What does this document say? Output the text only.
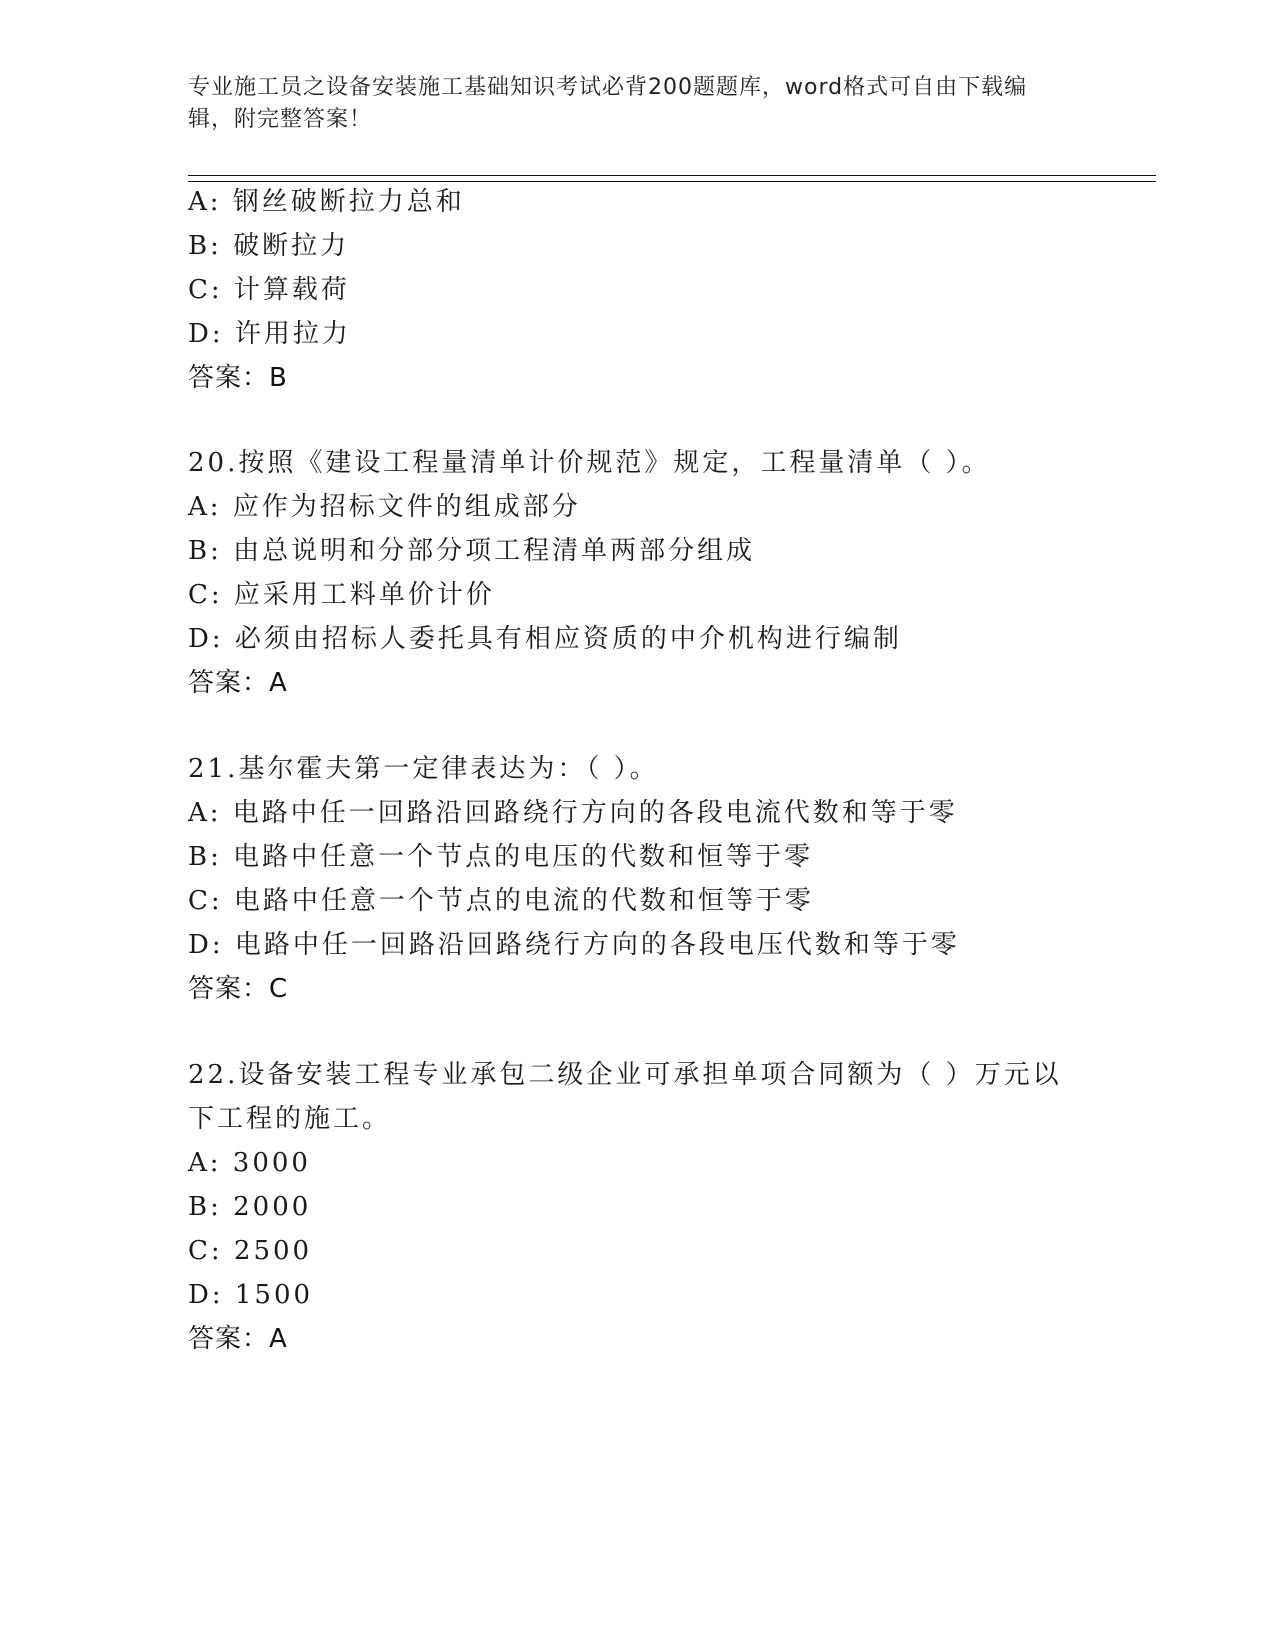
专业施工员之设备安装施工基础知识考试必背200题题库，word格式可自由下载编辑，附完整答案！
A: 钢丝破断拉力总和
B: 破断拉力
C: 计算载荷
D: 许用拉力
答案：B
20.按照《建设工程量清单计价规范》规定，工程量清单（ ）。
A: 应作为招标文件的组成部分
B: 由总说明和分部分项工程清单两部分组成
C: 应采用工料单价计价
D: 必须由招标人委托具有相应资质的中介机构进行编制
答案：A
21.基尔霍夫第一定律表达为：（ ）。
A: 电路中任一回路沿回路绕行方向的各段电流代数和等于零
B: 电路中任意一个节点的电压的代数和恒等于零
C: 电路中任意一个节点的电流的代数和恒等于零
D: 电路中任一回路沿回路绕行方向的各段电压代数和等于零
答案：C
22.设备安装工程专业承包二级企业可承担单项合同额为（ ）万元以
下工程的施工。
A: 3000
B: 2000
C: 2500
D: 1500
答案：A
